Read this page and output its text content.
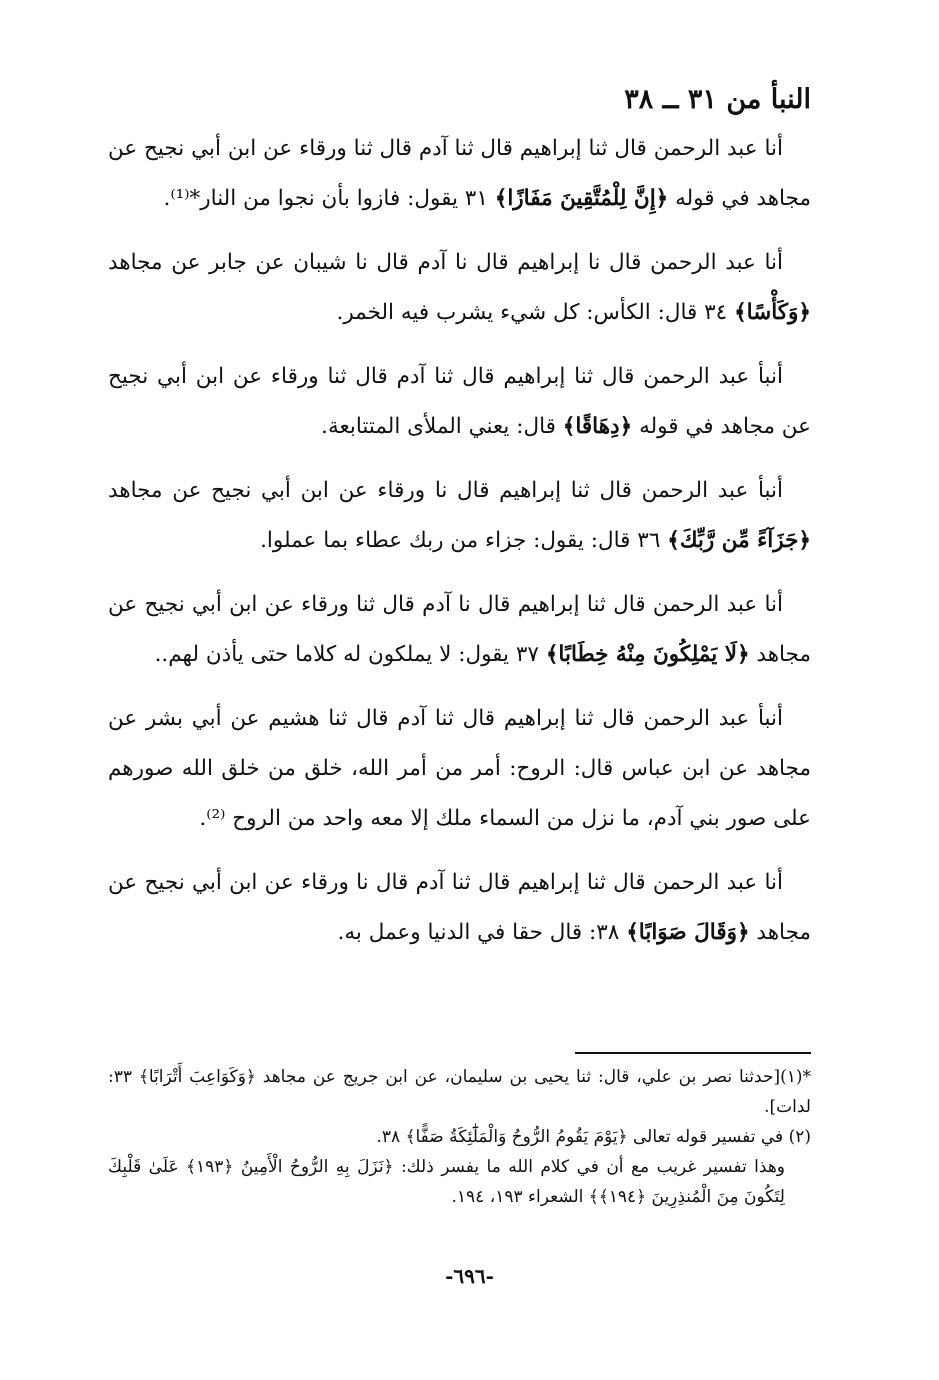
النبأ من ٣١ ــ ٣٨

أنا عبد الرحمن قال ثنا إبراهيم قال ثنا آدم قال ثنا ورقاء عن ابن أبي نجيح عن مجاهد في قوله ﴿إِنَّ لِلْمُتَّقِينَ مَفَازًا﴾ ٣١ يقول: فازوا بأن نجوا من النار*⁽¹⁾.

أنا عبد الرحمن قال نا إبراهيم قال نا آدم قال نا شيبان عن جابر عن مجاهد ﴿وَكَأْسًا﴾ ٣٤ قال: الكأس: كل شيء يشرب فيه الخمر.

أنبأ عبد الرحمن قال ثنا إبراهيم قال ثنا آدم قال ثنا ورقاء عن ابن أبي نجيح عن مجاهد في قوله ﴿دِهَاقًا﴾ قال: يعني الملأى المتتابعة.

أنبأ عبد الرحمن قال ثنا إبراهيم قال نا ورقاء عن ابن أبي نجيح عن مجاهد ﴿جَزَآءً مِّن رَّبِّكَ﴾ ٣٦ قال: يقول: جزاء من ربك عطاء بما عملوا.

أنا عبد الرحمن قال ثنا إبراهيم قال نا آدم قال ثنا ورقاء عن ابن أبي نجيح عن مجاهد ﴿لَا يَمْلِكُونَ مِنْهُ خِطَابًا﴾ ٣٧ يقول: لا يملكون له كلاما حتى يأذن لهم..

أنبأ عبد الرحمن قال ثنا إبراهيم قال ثنا آدم قال ثنا هشيم عن أبي بشر عن مجاهد عن ابن عباس قال: الروح: أمر من أمر الله، خلق من خلق الله صورهم على صور بني آدم، ما نزل من السماء ملك إلا معه واحد من الروح ⁽²⁾.

أنا عبد الرحمن قال ثنا إبراهيم قال ثنا آدم قال نا ورقاء عن ابن أبي نجيح عن مجاهد ﴿وَقَالَ صَوَابًا﴾ ٣٨: قال حقا في الدنيا وعمل به.

*(١)[حدثنا نصر بن علي، قال: ثنا يحيى بن سليمان، عن ابن جريج عن مجاهد ﴿وَكَوَاعِبَ أَتْرَابًا﴾ ٣٣: لدات].

(٢) في تفسير قوله تعالى ﴿يَوْمَ يَقُومُ الرُّوحُ وَالْمَلَٰٓئِكَةُ صَفًّا﴾ ٣٨.

وهذا تفسير غريب مع أن في كلام الله ما يفسر ذلك: ﴿نَزَلَ بِهِ الرُّوحُ الْأَمِينُ ﴿١٩٣﴾ عَلَىٰ قَلْبِكَ لِتَكُونَ مِنَ الْمُنذِرِينَ ﴿١٩٤﴾﴾ الشعراء ١٩٣، ١٩٤.

-٦٩٦-
